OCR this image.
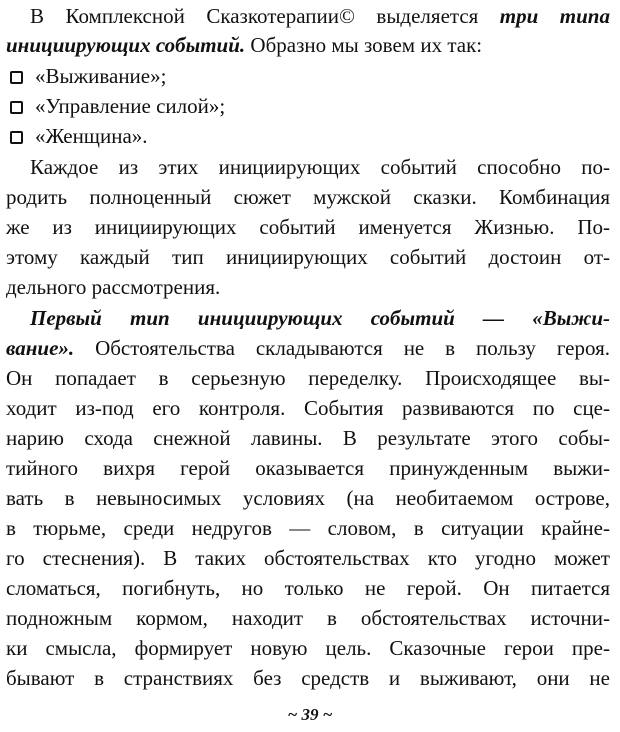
В Комплексной Сказкотерапии© выделяется три типа
инициирующих событий. Образно мы зовем их так:
«Выживание»;
«Управление силой»;
«Женщина».
Каждое из этих инициирующих событий способно по-
родить полноценный сюжет мужской сказки. Комбинация
же из инициирующих событий именуется Жизнью. По-
этому каждый тип инициирующих событий достоин от-
дельного рассмотрения.
Первый тип инициирующих событий — «Выжи-
вание». Обстоятельства складываются не в пользу героя.
Он попадает в серьезную переделку. Происходящее вы-
ходит из-под его контроля. События развиваются по сце-
нарию схода снежной лавины. В результате этого собы-
тийного вихря герой оказывается принужденным выжи-
вать в невыносимых условиях (на необитаемом острове,
в тюрьме, среди недругов — словом, в ситуации крайне-
го стеснения). В таких обстоятельствах кто угодно может
сломаться, погибнуть, но только не герой. Он питается
подножным кормом, находит в обстоятельствах источни-
ки смысла, формирует новую цель. Сказочные герои пре-
бывают в странствиях без средств и выживают, они не
~ 39 ~
